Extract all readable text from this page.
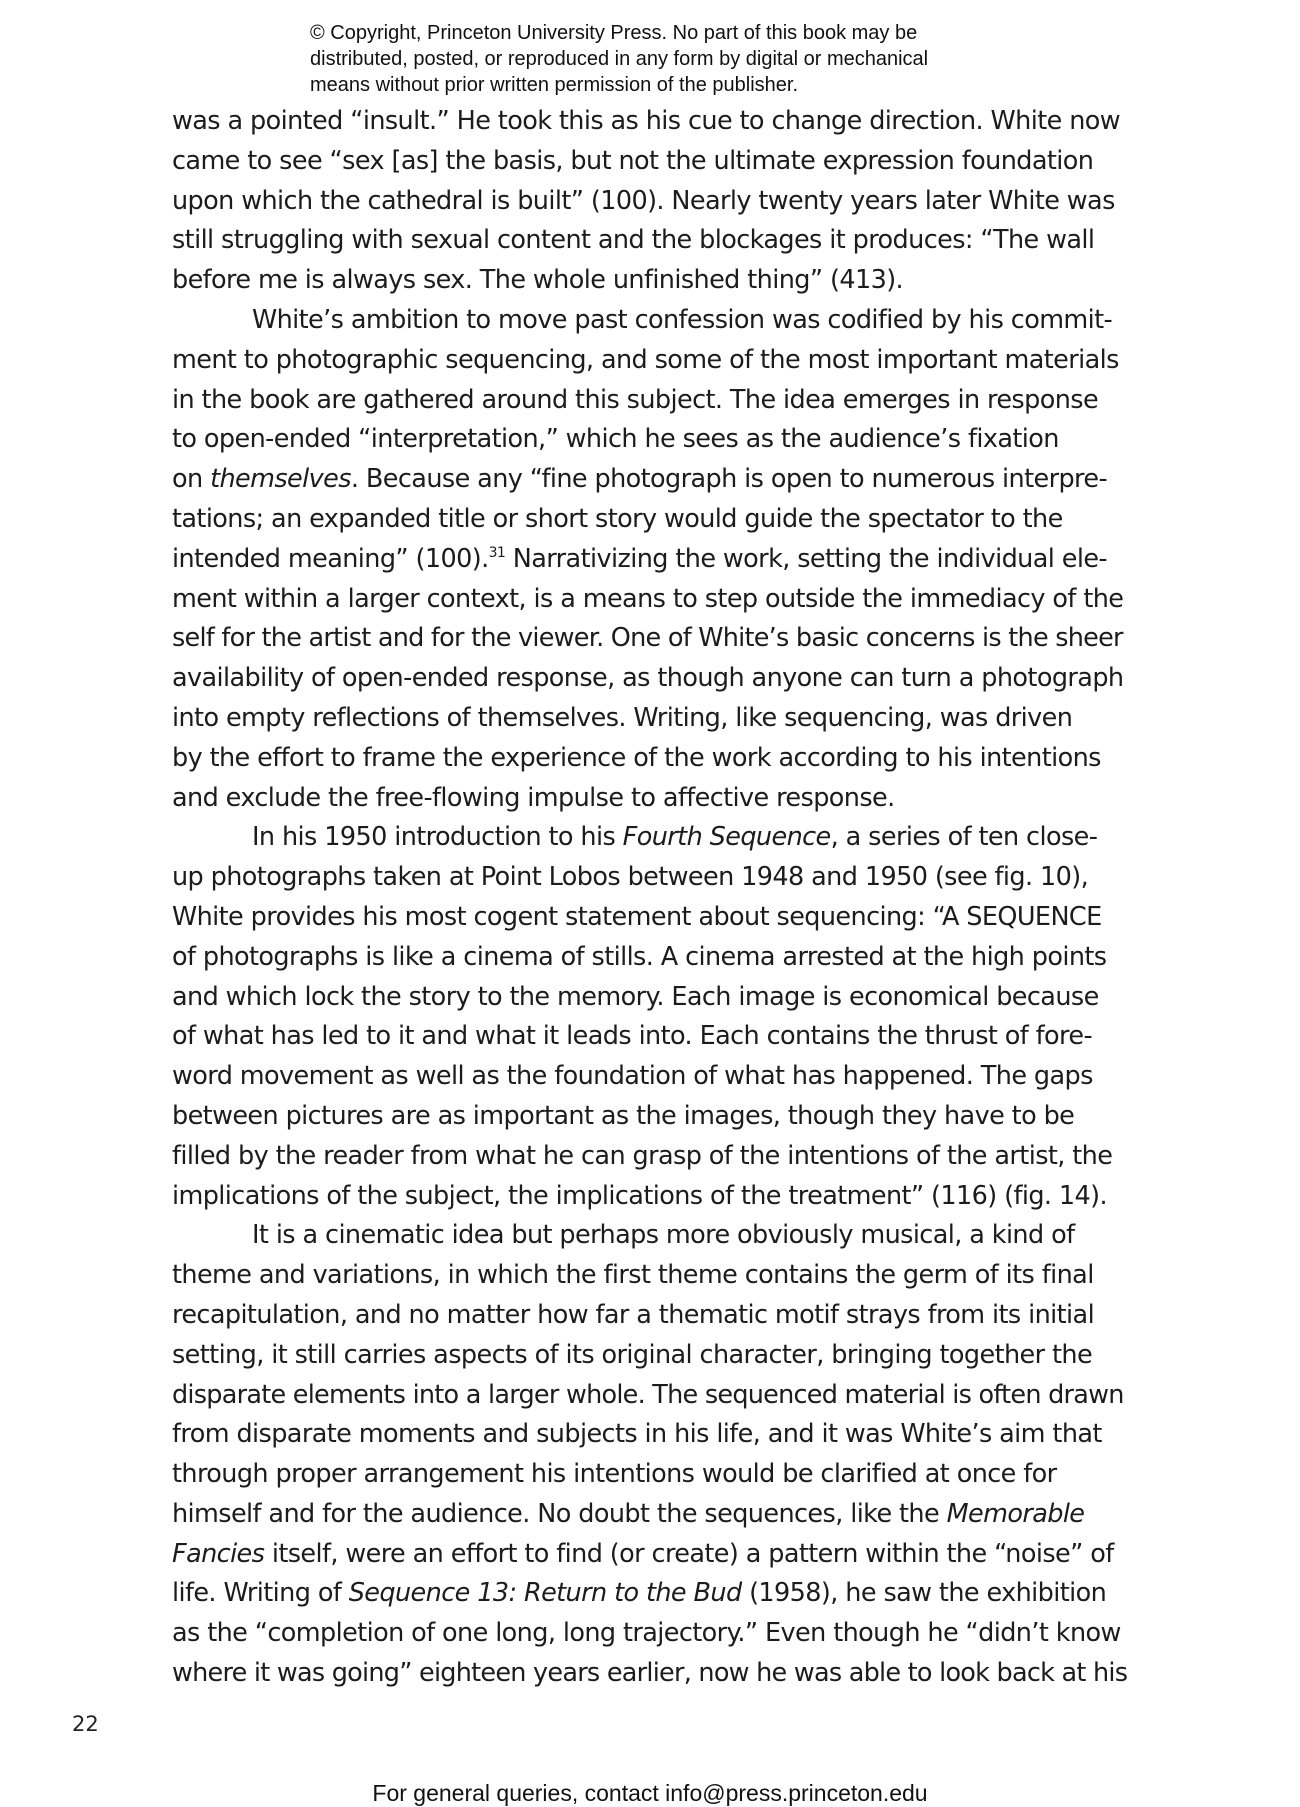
© Copyright, Princeton University Press. No part of this book may be
distributed, posted, or reproduced in any form by digital or mechanical
means without prior written permission of the publisher.
was a pointed “insult.” He took this as his cue to change direction. White now
came to see “sex [as] the basis, but not the ultimate expression foundation
upon which the cathedral is built” (100). Nearly twenty years later White was
still struggling with sexual content and the blockages it produces: “The wall
before me is always sex. The whole unfinished thing” (413).
White’s ambition to move past confession was codified by his commit-
ment to photographic sequencing, and some of the most important materials
in the book are gathered around this subject. The idea emerges in response
to open-ended “interpretation,” which he sees as the audience’s fixation
on themselves. Because any “fine photograph is open to numerous interpre-
tations; an expanded title or short story would guide the spectator to the
intended meaning” (100).$^{31}$ Narrativizing the work, setting the individual ele-
ment within a larger context, is a means to step outside the immediacy of the
self for the artist and for the viewer. One of White’s basic concerns is the sheer
availability of open-ended response, as though anyone can turn a photograph
into empty reflections of themselves. Writing, like sequencing, was driven
by the effort to frame the experience of the work according to his intentions
and exclude the free-flowing impulse to affective response.
In his 1950 introduction to his Fourth Sequence, a series of ten close-
up photographs taken at Point Lobos between 1948 and 1950 (see fig. 10),
White provides his most cogent statement about sequencing: “A SEQUENCE
of photographs is like a cinema of stills. A cinema arrested at the high points
and which lock the story to the memory. Each image is economical because
of what has led to it and what it leads into. Each contains the thrust of fore-
word movement as well as the foundation of what has happened. The gaps
between pictures are as important as the images, though they have to be
filled by the reader from what he can grasp of the intentions of the artist, the
implications of the subject, the implications of the treatment” (116) (fig. 14).
It is a cinematic idea but perhaps more obviously musical, a kind of
theme and variations, in which the first theme contains the germ of its final
recapitulation, and no matter how far a thematic motif strays from its initial
setting, it still carries aspects of its original character, bringing together the
disparate elements into a larger whole. The sequenced material is often drawn
from disparate moments and subjects in his life, and it was White’s aim that
through proper arrangement his intentions would be clarified at once for
himself and for the audience. No doubt the sequences, like the Memorable
Fancies itself, were an effort to find (or create) a pattern within the “noise” of
life. Writing of Sequence 13: Return to the Bud (1958), he saw the exhibition
as the “completion of one long, long trajectory.” Even though he “didn’t know
where it was going” eighteen years earlier, now he was able to look back at his
22
For general queries, contact info@press.princeton.edu
